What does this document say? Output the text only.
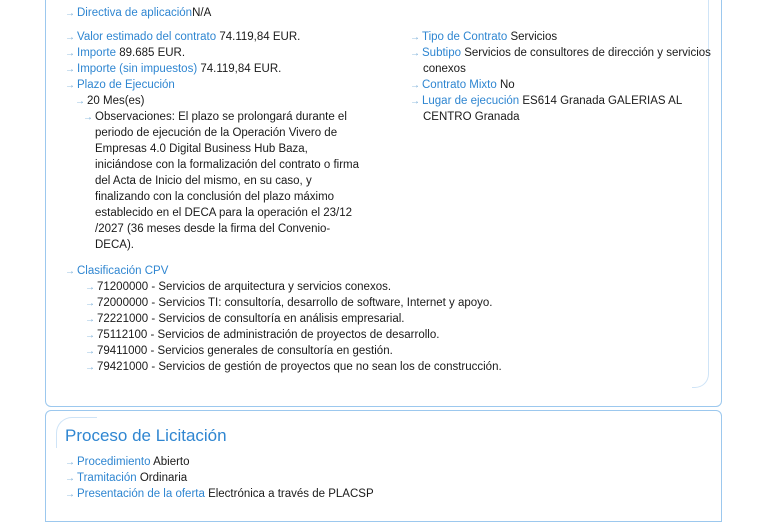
→ Directiva de aplicaciónN/A
→ Valor estimado del contrato 74.119,84 EUR.
→ Importe 89.685 EUR.
→ Importe (sin impuestos) 74.119,84 EUR.
→ Plazo de Ejecución
→ 20 Mes(es)
→ Observaciones: El plazo se prolongará durante el
periodo de ejecución de la Operación Vivero de
Empresas 4.0 Digital Business Hub Baza,
iniciándose con la formalización del contrato o firma
del Acta de Inicio del mismo, en su caso, y
finalizando con la conclusión del plazo máximo
establecido en el DECA para la operación el 23/12
/2027 (36 meses desde la firma del Convenio-
DECA).
→ Tipo de Contrato Servicios
→ Subtipo Servicios de consultores de dirección y servicios
conexos
→ Contrato Mixto No
→ Lugar de ejecución ES614 Granada GALERIAS AL
CENTRO Granada
→ Clasificación CPV
→ 71200000 - Servicios de arquitectura y servicios conexos.
→ 72000000 - Servicios TI: consultoría, desarrollo de software, Internet y apoyo.
→ 72221000 - Servicios de consultoría en análisis empresarial.
→ 75112100 - Servicios de administración de proyectos de desarrollo.
→ 79411000 - Servicios generales de consultoría en gestión.
→ 79421000 - Servicios de gestión de proyectos que no sean los de construcción.
Proceso de Licitación
→ Procedimiento Abierto
→ Tramitación Ordinaria
→ Presentación de la oferta Electrónica a través de PLACSP
